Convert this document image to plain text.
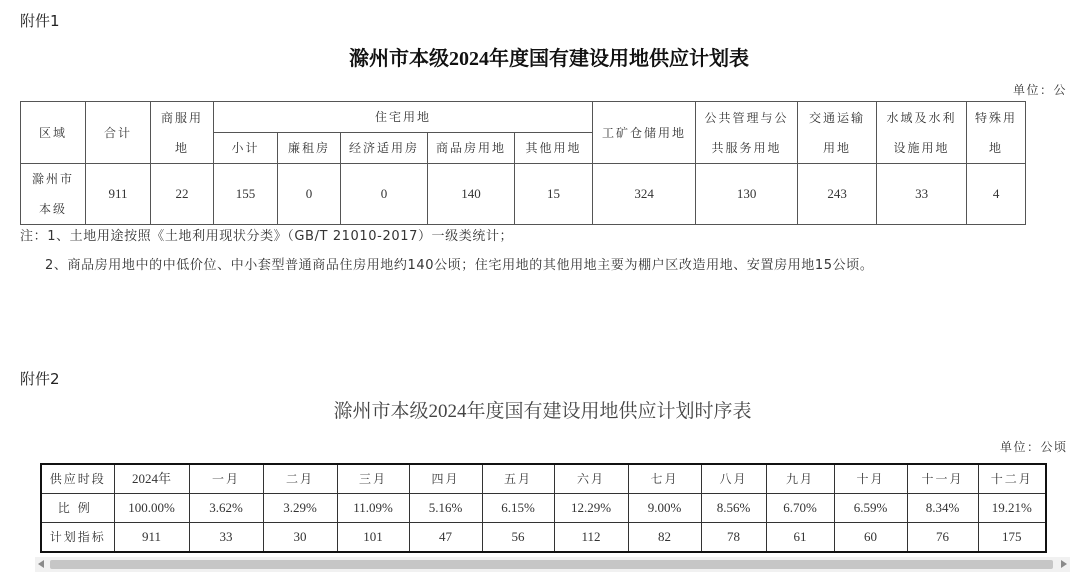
附件1
滁州市本级2024年度国有建设用地供应计划表
单位：公
区域	合计	商服用地	住宅用地					工矿仓储用地	公共管理与公共服务用地	交通运输用地	水域及水利设施用地	特殊用地
			小计	廉租房	经济适用房	商品房用地	其他用地					
滁州市本级	911	22	155	0	0	140	15	324	130	243	33	4
注：1、土地用途按照《土地利用现状分类》（GB/T 21010-2017）一级类统计；
2、商品房用地中的中低价位、中小套型普通商品住房用地约140公顷；住宅用地的其他用地主要为棚户区改造用地、安置房用地15公顷。
附件2
滁州市本级2024年度国有建设用地供应计划时序表
单位：公顷
供应时段	2024年	一月	二月	三月	四月	五月	六月	七月	八月	九月	十月	十一月	十二月
比例	100.00%	3.62%	3.29%	11.09%	5.16%	6.15%	12.29%	9.00%	8.56%	6.70%	6.59%	8.34%	19.21%
计划指标	911	33	30	101	47	56	112	82	78	61	60	76	175
